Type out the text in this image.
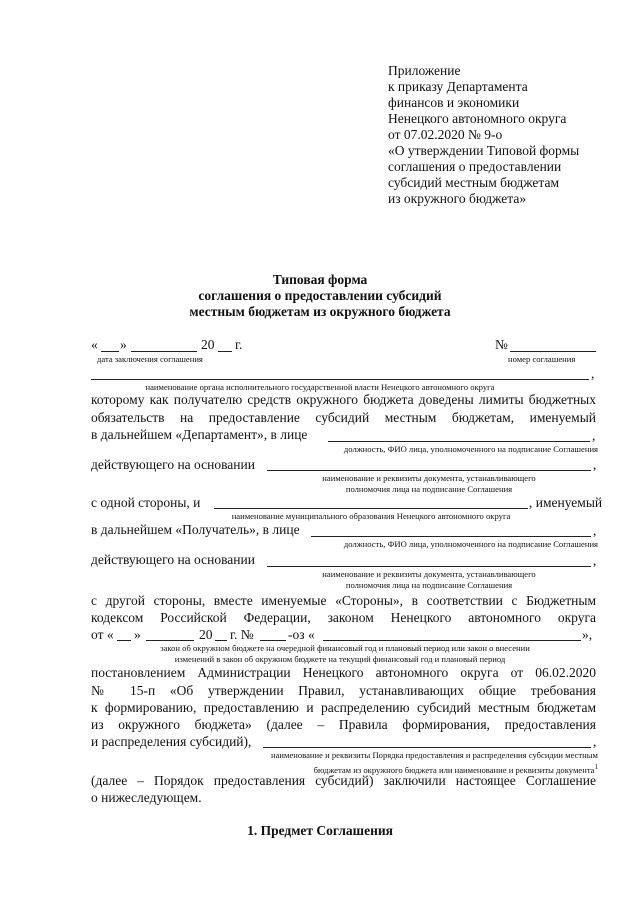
Приложение
к приказу Департамента
финансов и экономики
Ненецкого автономного округа
от 07.02.2020 № 9-о
«О утверждении Типовой формы
соглашения о предоставлении
субсидий местным бюджетам
из окружного бюджета»
Типовая форма
соглашения о предоставлении субсидий
местным бюджетам из окружного бюджета
« »	20 г.	№
дата заключения соглашения	номер соглашения
,
наименование органа исполнительного государственной власти Ненецкого автономного округа
которому как получателю средств окружного бюджета доведены лимиты бюджетных
обязательств на предоставление субсидий местным бюджетам, именуемый
в дальнейшем «Департамент», в лице	,
должность, ФИО лица, уполномоченного на подписание Соглашения
действующего на основании	,
наименование и реквизиты документа, устанавливающего
полномочия лица на подписание Соглашения
с одной стороны, и	, именуемый
наименование муниципального образования Ненецкого автономного округа
в дальнейшем «Получатель», в лице	,
должность, ФИО лица, уполномоченного на подписание Соглашения
действующего на основании	,
наименование и реквизиты документа, устанавливающего
полномочия лица на подписание Соглашения
с другой стороны, вместе именуемые «Стороны», в соответствии с Бюджетным
кодексом Российской Федерации, законом Ненецкого автономного округа
от « »	20 г. №	-оз «	»,
закон об окружном бюджете на очередной финансовый год и плановый период или закон о внесении
изменений в закон об окружном бюджете на текущий финансовый год и плановый период
постановлением Администрации Ненецкого автономного округа от 06.02.2020
№ 15-п «Об утверждении Правил, устанавливающих общие требования
к формированию, предоставлению и распределению субсидий местным бюджетам
из окружного бюджета» (далее – Правила формирования, предоставления
и распределения субсидий),	,
наименование и реквизиты Порядка предоставления и распределения субсидии местным
бюджетам из окружного бюджета или наименование и реквизиты документа$^1$
(далее – Порядок предоставления субсидий) заключили настоящее Соглашение
о нижеследующем.
1. Предмет Соглашения
